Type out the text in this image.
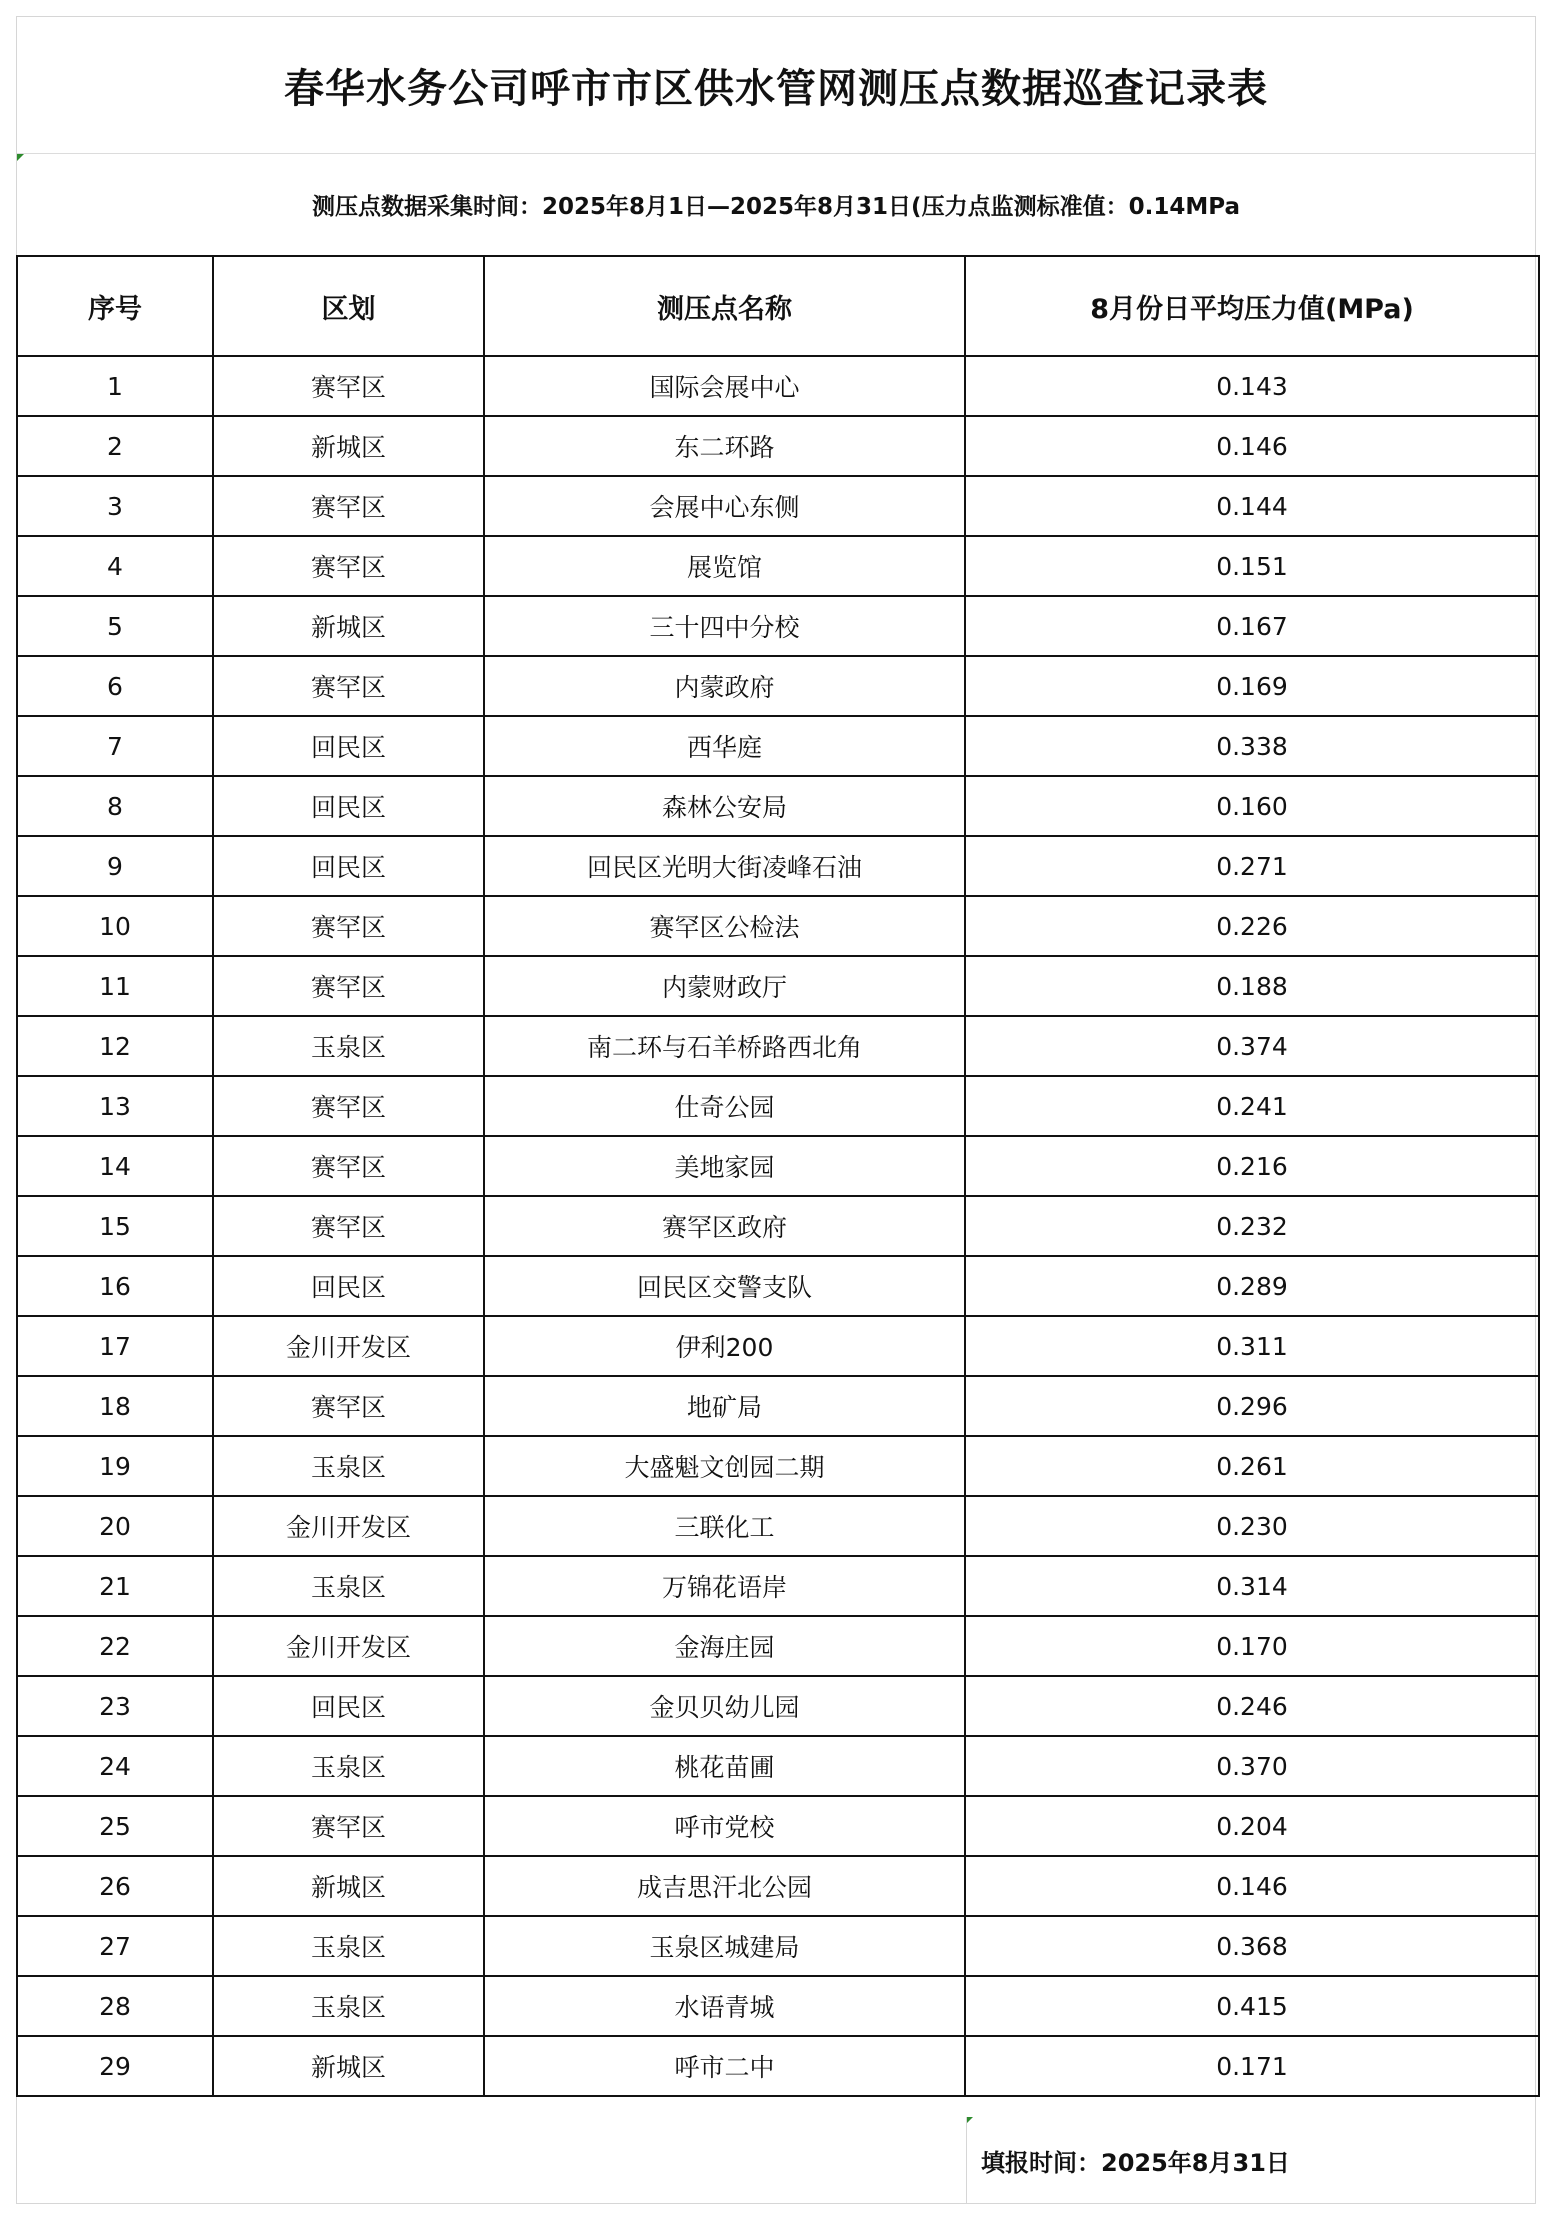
春华水务公司呼市市区供水管网测压点数据巡查记录表
测压点数据采集时间：2025年8月1日—2025年8月31日(压力点监测标准值：0.14MPa
序号	区划	测压点名称	8月份日平均压力值(MPa)
1	赛罕区	国际会展中心	0.143
2	新城区	东二环路	0.146
3	赛罕区	会展中心东侧	0.144
4	赛罕区	展览馆	0.151
5	新城区	三十四中分校	0.167
6	赛罕区	内蒙政府	0.169
7	回民区	西华庭	0.338
8	回民区	森林公安局	0.160
9	回民区	回民区光明大街凌峰石油	0.271
10	赛罕区	赛罕区公检法	0.226
11	赛罕区	内蒙财政厅	0.188
12	玉泉区	南二环与石羊桥路西北角	0.374
13	赛罕区	仕奇公园	0.241
14	赛罕区	美地家园	0.216
15	赛罕区	赛罕区政府	0.232
16	回民区	回民区交警支队	0.289
17	金川开发区	伊利200	0.311
18	赛罕区	地矿局	0.296
19	玉泉区	大盛魁文创园二期	0.261
20	金川开发区	三联化工	0.230
21	玉泉区	万锦花语岸	0.314
22	金川开发区	金海庄园	0.170
23	回民区	金贝贝幼儿园	0.246
24	玉泉区	桃花苗圃	0.370
25	赛罕区	呼市党校	0.204
26	新城区	成吉思汗北公园	0.146
27	玉泉区	玉泉区城建局	0.368
28	玉泉区	水语青城	0.415
29	新城区	呼市二中	0.171
填报时间：2025年8月31日
